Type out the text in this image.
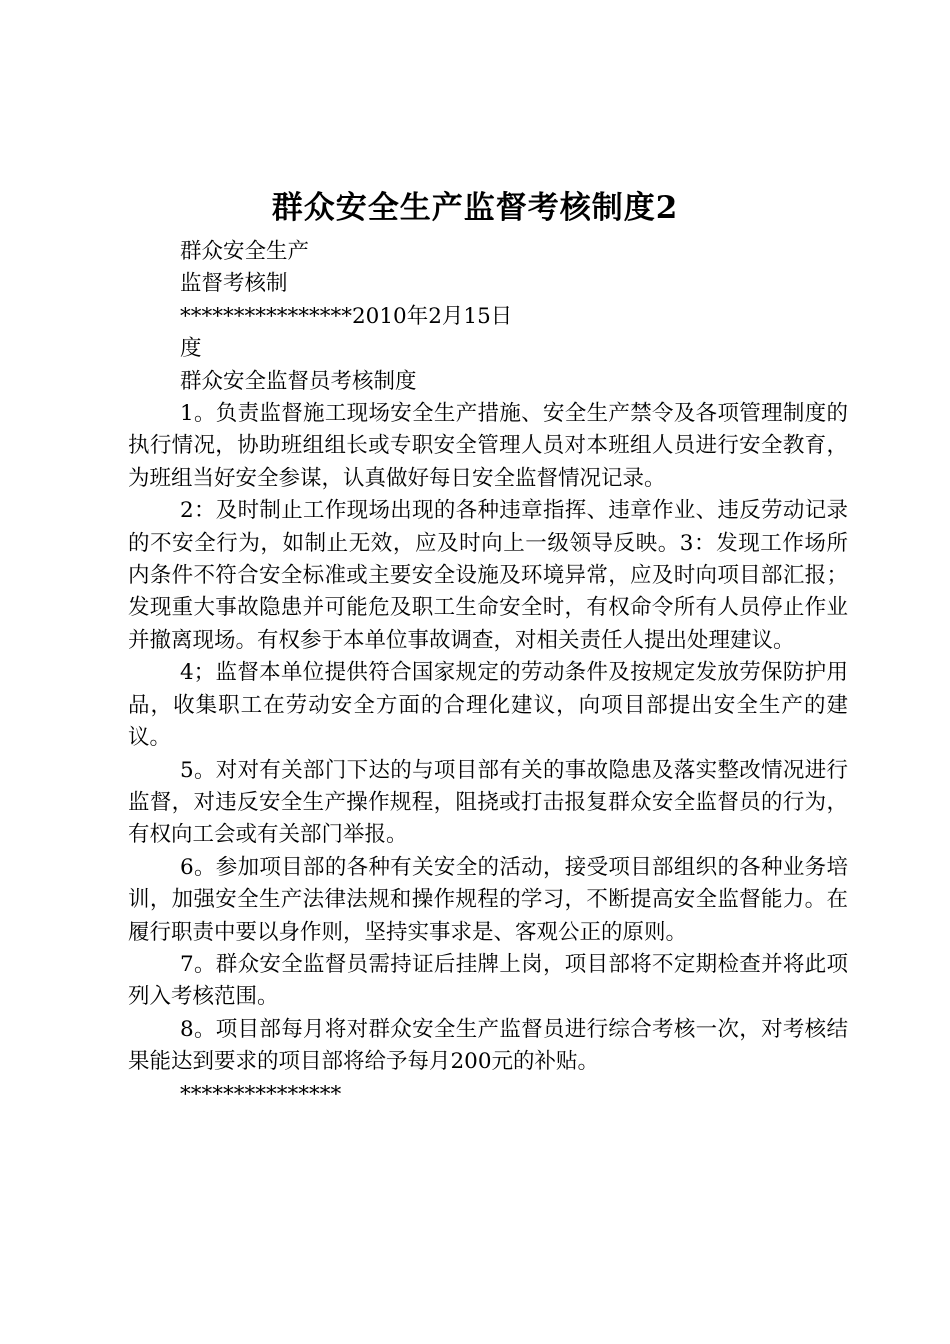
群众安全生产监督考核制度2

群众安全生产

监督考核制

****************2010年2月15日

度

群众安全监督员考核制度

1。负责监督施工现场安全生产措施、安全生产禁令及各项管理制度的执行情况，协助班组组长或专职安全管理人员对本班组人员进行安全教育，为班组当好安全参谋，认真做好每日安全监督情况记录。

2：及时制止工作现场出现的各种违章指挥、违章作业、违反劳动记录的不安全行为，如制止无效，应及时向上一级领导反映。3：发现工作场所内条件不符合安全标准或主要安全设施及环境异常，应及时向项目部汇报；发现重大事故隐患并可能危及职工生命安全时，有权命令所有人员停止作业并撤离现场。有权参于本单位事故调查，对相关责任人提出处理建议。

4；监督本单位提供符合国家规定的劳动条件及按规定发放劳保防护用品，收集职工在劳动安全方面的合理化建议，向项目部提出安全生产的建议。

5。对对有关部门下达的与项目部有关的事故隐患及落实整改情况进行监督，对违反安全生产操作规程，阻挠或打击报复群众安全监督员的行为，有权向工会或有关部门举报。

6。参加项目部的各种有关安全的活动，接受项目部组织的各种业务培训，加强安全生产法律法规和操作规程的学习，不断提高安全监督能力。在履行职责中要以身作则，坚持实事求是、客观公正的原则。

7。群众安全监督员需持证后挂牌上岗，项目部将不定期检查并将此项列入考核范围。

8。项目部每月将对群众安全生产监督员进行综合考核一次，对考核结果能达到要求的项目部将给予每月200元的补贴。

***************
